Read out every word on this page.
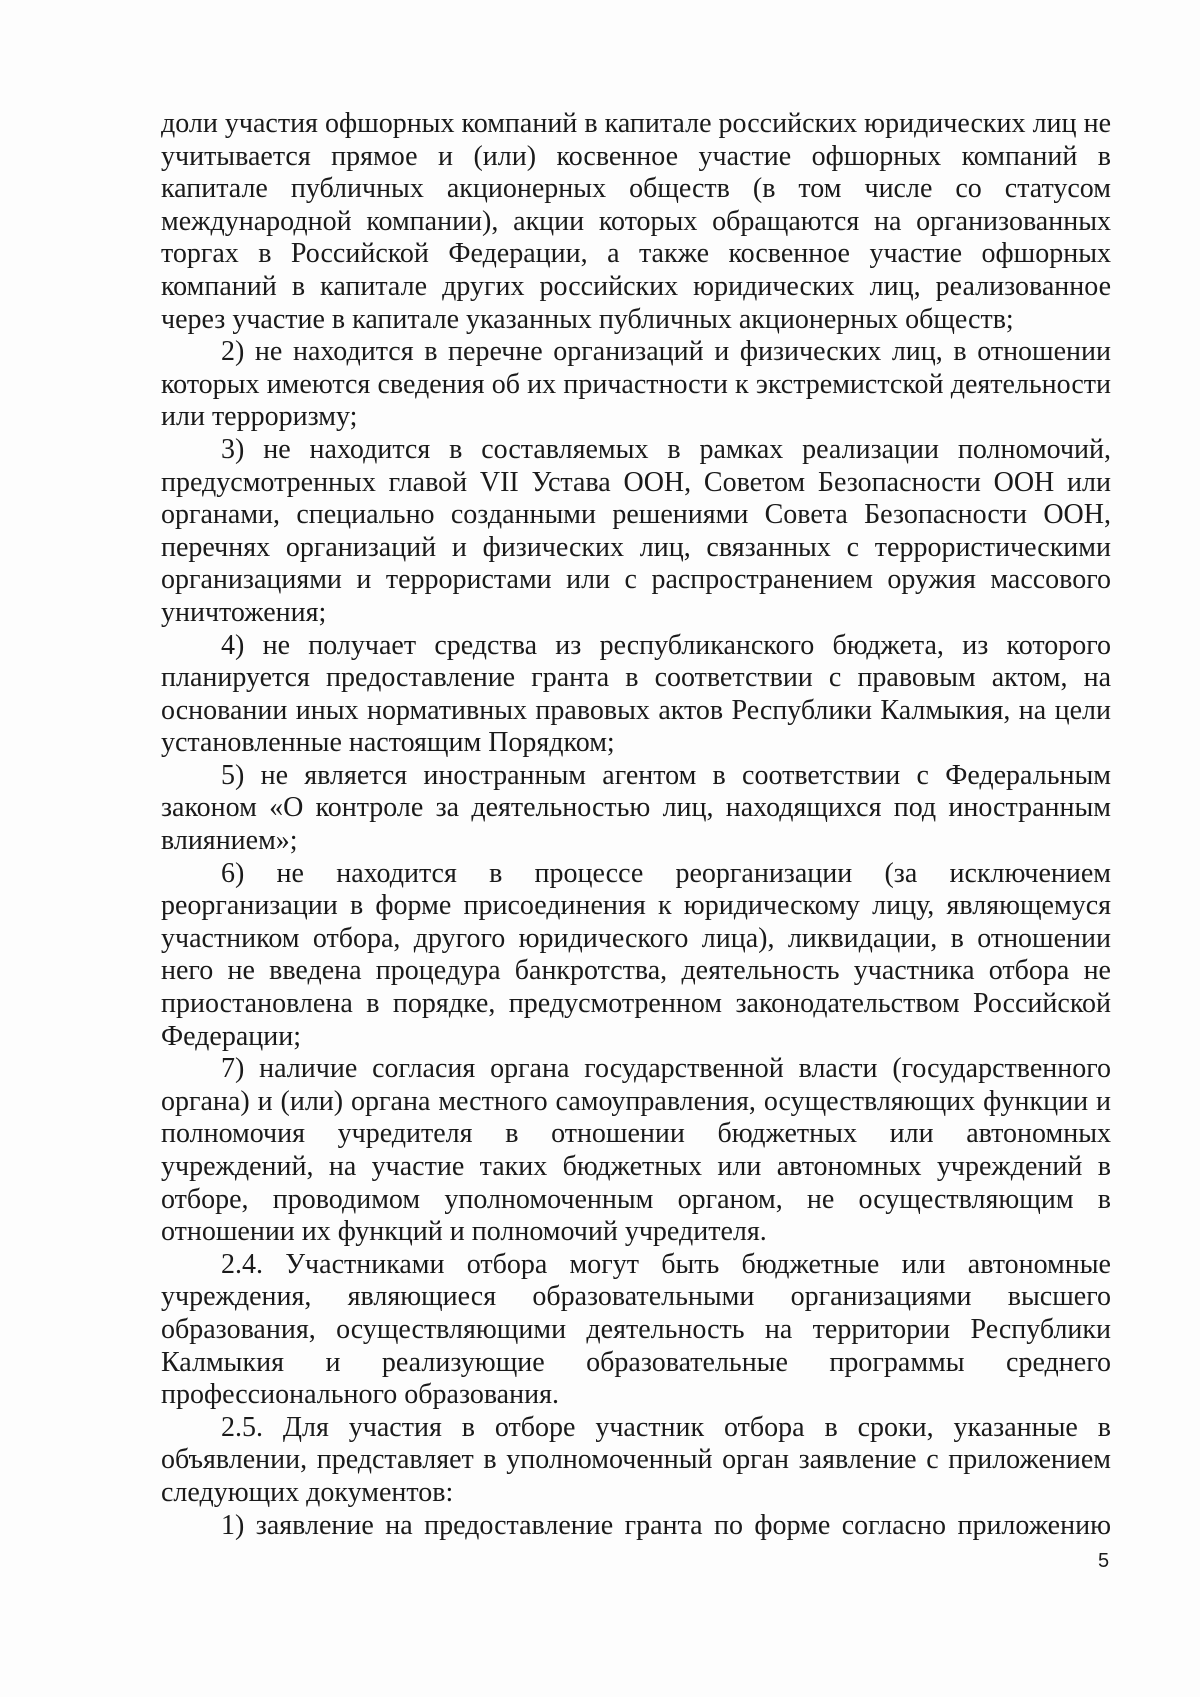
доли участия офшорных компаний в капитале российских юридических лиц не учитывается прямое и (или) косвенное участие офшорных компаний в капитале публичных акционерных обществ (в том числе со статусом международной компании), акции которых обращаются на организованных торгах в Российской Федерации, а также косвенное участие офшорных компаний в капитале других российских юридических лиц, реализованное через участие в капитале указанных публичных акционерных обществ;

2) не находится в перечне организаций и физических лиц, в отношении которых имеются сведения об их причастности к экстремистской деятельности или терроризму;

3) не находится в составляемых в рамках реализации полномочий, предусмотренных главой VII Устава ООН, Советом Безопасности ООН или органами, специально созданными решениями Совета Безопасности ООН, перечнях организаций и физических лиц, связанных с террористическими организациями и террористами или с распространением оружия массового уничтожения;

4) не получает средства из республиканского бюджета, из которого планируется предоставление гранта в соответствии с правовым актом, на основании иных нормативных правовых актов Республики Калмыкия, на цели установленные настоящим Порядком;

5) не является иностранным агентом в соответствии с Федеральным законом «О контроле за деятельностью лиц, находящихся под иностранным влиянием»;

6) не находится в процессе реорганизации (за исключением реорганизации в форме присоединения к юридическому лицу, являющемуся участником отбора, другого юридического лица), ликвидации, в отношении него не введена процедура банкротства, деятельность участника отбора не приостановлена в порядке, предусмотренном законодательством Российской Федерации;

7) наличие согласия органа государственной власти (государственного органа) и (или) органа местного самоуправления, осуществляющих функции и полномочия учредителя в отношении бюджетных или автономных учреждений, на участие таких бюджетных или автономных учреждений в отборе, проводимом уполномоченным органом, не осуществляющим в отношении их функций и полномочий учредителя.

2.4. Участниками отбора могут быть бюджетные или автономные учреждения, являющиеся образовательными организациями высшего образования, осуществляющими деятельность на территории Республики Калмыкия и реализующие образовательные программы среднего профессионального образования.

2.5. Для участия в отборе участник отбора в сроки, указанные в объявлении, представляет в уполномоченный орган заявление с приложением следующих документов:

1) заявление на предоставление гранта по форме согласно приложению

5
